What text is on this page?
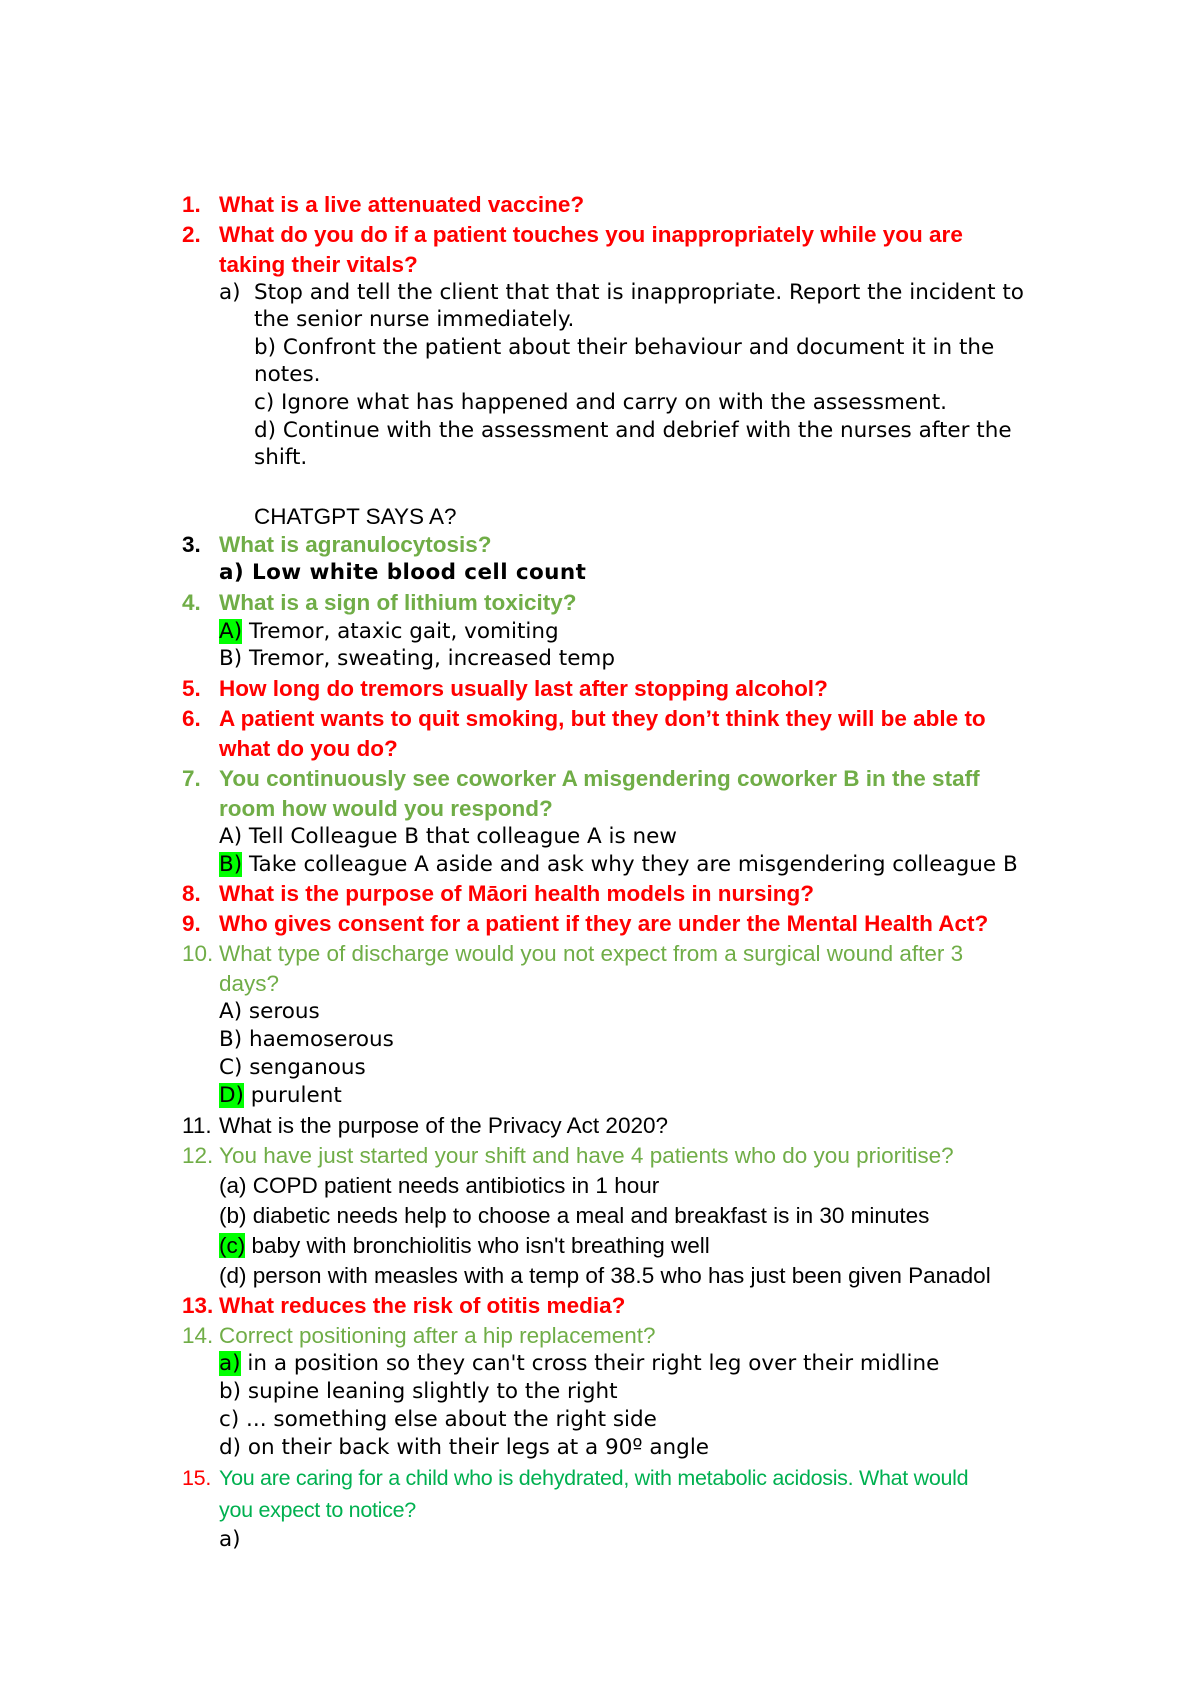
1. What is a live attenuated vaccine?
2. What do you do if a patient touches you inappropriately while you are
taking their vitals?
a) Stop and tell the client that that is inappropriate. Report the incident to
the senior nurse immediately.
b) Confront the patient about their behaviour and document it in the
notes.
c) Ignore what has happened and carry on with the assessment.
d) Continue with the assessment and debrief with the nurses after the
shift.
CHATGPT SAYS A?
3. What is agranulocytosis?
a) Low white blood cell count
4. What is a sign of lithium toxicity?
A) Tremor, ataxic gait, vomiting
B) Tremor, sweating, increased temp
5. How long do tremors usually last after stopping alcohol?
6. A patient wants to quit smoking, but they don’t think they will be able to
what do you do?
7. You continuously see coworker A misgendering coworker B in the staff
room how would you respond?
A) Tell Colleague B that colleague A is new
B) Take colleague A aside and ask why they are misgendering colleague B
8. What is the purpose of Māori health models in nursing?
9. Who gives consent for a patient if they are under the Mental Health Act?
10. What type of discharge would you not expect from a surgical wound after 3
days?
A) serous
B) haemoserous
C) senganous
D) purulent
11. What is the purpose of the Privacy Act 2020?
12. You have just started your shift and have 4 patients who do you prioritise?
(a) COPD patient needs antibiotics in 1 hour
(b) diabetic needs help to choose a meal and breakfast is in 30 minutes
(c) baby with bronchiolitis who isn't breathing well
(d) person with measles with a temp of 38.5 who has just been given Panadol
13. What reduces the risk of otitis media?
14. Correct positioning after a hip replacement?
a) in a position so they can't cross their right leg over their midline
b) supine leaning slightly to the right
c) ... something else about the right side
d) on their back with their legs at a 90º angle
15. You are caring for a child who is dehydrated, with metabolic acidosis. What would
you expect to notice?
a)
